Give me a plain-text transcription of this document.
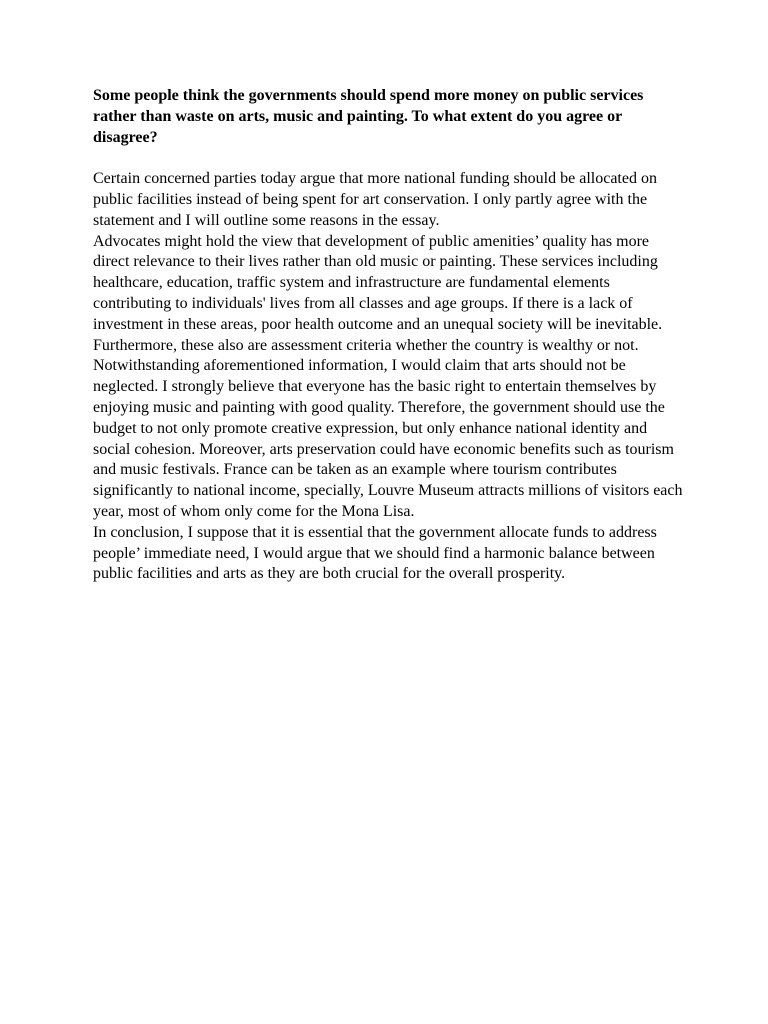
Some people think the governments should spend more money on public services rather than waste on arts, music and painting. To what extent do you agree or disagree?

Certain concerned parties today argue that more national funding should be allocated on public facilities instead of being spent for art conservation. I only partly agree with the statement and I will outline some reasons in the essay.

Advocates might hold the view that development of public amenities’ quality has more direct relevance to their lives rather than old music or painting. These services including healthcare, education, traffic system and infrastructure are fundamental elements contributing to individuals' lives from all classes and age groups. If there is a lack of investment in these areas, poor health outcome and an unequal society will be inevitable. Furthermore, these also are assessment criteria whether the country is wealthy or not.

Notwithstanding aforementioned information, I would claim that arts should not be neglected. I strongly believe that everyone has the basic right to entertain themselves by enjoying music and painting with good quality. Therefore, the government should use the budget to not only promote creative expression, but only enhance national identity and social cohesion. Moreover, arts preservation could have economic benefits such as tourism and music festivals. France can be taken as an example where tourism contributes significantly to national income, specially, Louvre Museum attracts millions of visitors each year, most of whom only come for the Mona Lisa.

In conclusion, I suppose that it is essential that the government allocate funds to address people’ immediate need, I would argue that we should find a harmonic balance between public facilities and arts as they are both crucial for the overall prosperity.
